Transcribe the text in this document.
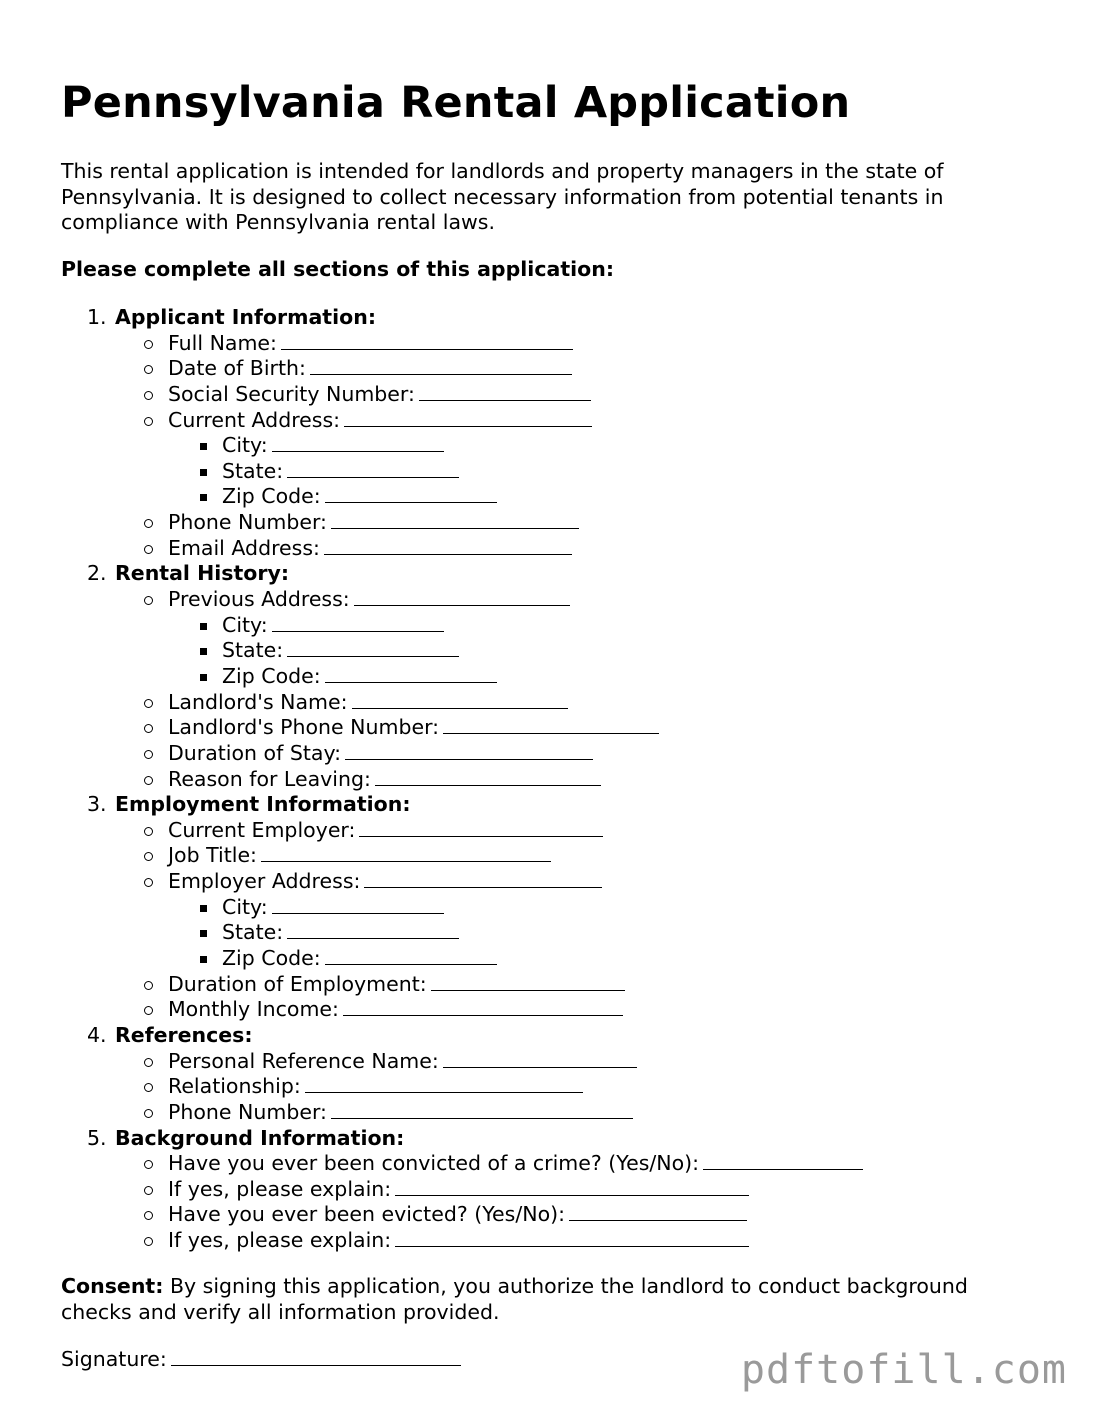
Pennsylvania Rental Application

This rental application is intended for landlords and property managers in the state of Pennsylvania. It is designed to collect necessary information from potential tenants in compliance with Pennsylvania rental laws.

Please complete all sections of this application:

1. Applicant Information:
Full Name:
Date of Birth:
Social Security Number:
Current Address:
City:
State:
Zip Code:
Phone Number:
Email Address:
2. Rental History:
Previous Address:
City:
State:
Zip Code:
Landlord's Name:
Landlord's Phone Number:
Duration of Stay:
Reason for Leaving:
3. Employment Information:
Current Employer:
Job Title:
Employer Address:
City:
State:
Zip Code:
Duration of Employment:
Monthly Income:
4. References:
Personal Reference Name:
Relationship:
Phone Number:
5. Background Information:
Have you ever been convicted of a crime? (Yes/No):
If yes, please explain:
Have you ever been evicted? (Yes/No):
If yes, please explain:

Consent: By signing this application, you authorize the landlord to conduct background checks and verify all information provided.

Signature:	pdftofill.com
